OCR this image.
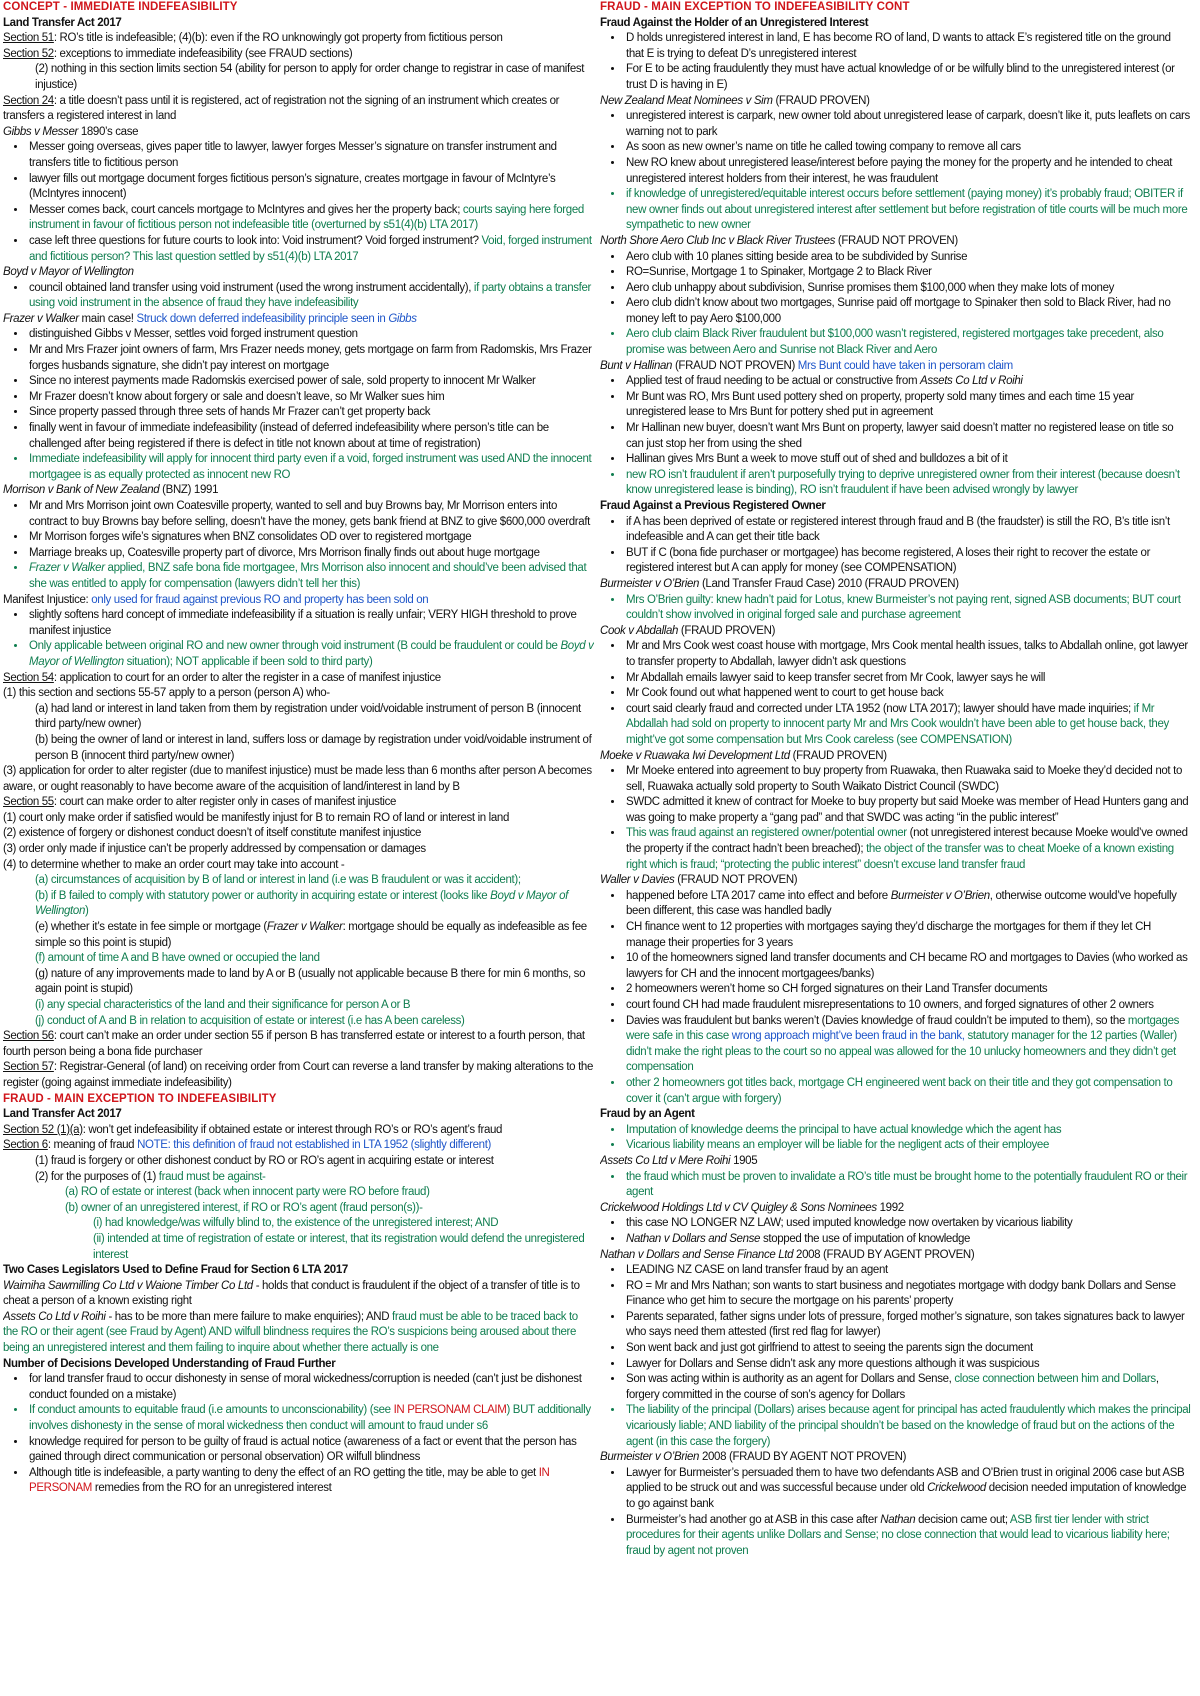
CONCEPT - IMMEDIATE INDEFEASIBILITY

Land Transfer Act 2017

Section 51: RO’s title is indefeasible; (4)(b): even if the RO unknowingly got property from fictitious person

Section 52: exceptions to immediate indefeasibility (see FRAUD sections)

(2) nothing in this section limits section 54 (ability for person to apply for order change to registrar in case of manifest injustice)

Section 24: a title doesn’t pass until it is registered, act of registration not the signing of an instrument which creates or transfers a registered interest in land

Gibbs v Messer 1890’s case

• Messer going overseas, gives paper title to lawyer, lawyer forges Messer’s signature on transfer instrument and transfers title to fictitious person
• lawyer fills out mortgage document forges fictitious person’s signature, creates mortgage in favour of McIntyre’s (McIntyres innocent)
• Messer comes back, court cancels mortgage to McIntyres and gives her the property back; courts saying here forged instrument in favour of fictitious person not indefeasible title (overturned by s51(4)(b) LTA 2017)
• case left three questions for future courts to look into: Void instrument? Void forged instrument? Void, forged instrument and fictitious person? This last question settled by s51(4)(b) LTA 2017

Boyd v Mayor of Wellington

• council obtained land transfer using void instrument (used the wrong instrument accidentally), if party obtains a transfer using void instrument in the absence of fraud they have indefeasibility

Frazer v Walker main case! Struck down deferred indefeasibility principle seen in Gibbs

• distinguished Gibbs v Messer, settles void forged instrument question
• Mr and Mrs Frazer joint owners of farm, Mrs Frazer needs money, gets mortgage on farm from Radomskis, Mrs Frazer forges husbands signature, she didn’t pay interest on mortgage
• Since no interest payments made Radomskis exercised power of sale, sold property to innocent Mr Walker
• Mr Frazer doesn’t know about forgery or sale and doesn’t leave, so Mr Walker sues him
• Since property passed through three sets of hands Mr Frazer can’t get property back
• finally went in favour of immediate indefeasibility (instead of deferred indefeasibility where person’s title can be challenged after being registered if there is defect in title not known about at time of registration)
• Immediate indefeasibility will apply for innocent third party even if a void, forged instrument was used AND the innocent mortgagee is as equally protected as innocent new RO

Morrison v Bank of New Zealand (BNZ) 1991

• Mr and Mrs Morrison joint own Coatesville property, wanted to sell and buy Browns bay, Mr Morrison enters into contract to buy Browns bay before selling, doesn’t have the money, gets bank friend at BNZ to give $600,000 overdraft
• Mr Morrison forges wife’s signatures when BNZ consolidates OD over to registered mortgage
• Marriage breaks up, Coatesville property part of divorce, Mrs Morrison finally finds out about huge mortgage
• Frazer v Walker applied, BNZ safe bona fide mortgagee, Mrs Morrison also innocent and should’ve been advised that she was entitled to apply for compensation (lawyers didn’t tell her this)

Manifest Injustice: only used for fraud against previous RO and property has been sold on

• slightly softens hard concept of immediate indefeasibility if a situation is really unfair; VERY HIGH threshold to prove manifest injustice
• Only applicable between original RO and new owner through void instrument (B could be fraudulent or could be Boyd v Mayor of Wellington situation); NOT applicable if been sold to third party)

Section 54: application to court for an order to alter the register in a case of manifest injustice

(1) this section and sections 55-57 apply to a person (person A) who-

(a) had land or interest in land taken from them by registration under void/voidable instrument of person B (innocent third party/new owner)

(b) being the owner of land or interest in land, suffers loss or damage by registration under void/voidable instrument of person B (innocent third party/new owner)

(3) application for order to alter register (due to manifest injustice) must be made less than 6 months after person A becomes aware, or ought reasonably to have become aware of the acquisition of land/interest in land by B

Section 55: court can make order to alter register only in cases of manifest injustice

(1) court only make order if satisfied would be manifestly injust for B to remain RO of land or interest in land

(2) existence of forgery or dishonest conduct doesn’t of itself constitute manifest injustice

(3) order only made if injustice can’t be properly addressed by compensation or damages

(4) to determine whether to make an order court may take into account -

(a) circumstances of acquisition by B of land or interest in land (i.e was B fraudulent or was it accident);

(b) if B failed to comply with statutory power or authority in acquiring estate or interest (looks like Boyd v Mayor of Wellington)

(e) whether it’s estate in fee simple or mortgage (Frazer v Walker: mortgage should be equally as indefeasible as fee simple so this point is stupid)

(f) amount of time A and B have owned or occupied the land

(g) nature of any improvements made to land by A or B (usually not applicable because B there for min 6 months, so again point is stupid)

(i) any special characteristics of the land and their significance for person A or B

(j) conduct of A and B in relation to acquisition of estate or interest (i.e has A been careless)

Section 56: court can’t make an order under section 55 if person B has transferred estate or interest to a fourth person, that fourth person being a bona fide purchaser

Section 57: Registrar-General (of land) on receiving order from Court can reverse a land transfer by making alterations to the register (going against immediate indefeasibility)

FRAUD - MAIN EXCEPTION TO INDEFEASIBILITY

Land Transfer Act 2017

Section 52 (1)(a): won’t get indefeasibility if obtained estate or interest through RO’s or RO’s agent’s fraud

Section 6: meaning of fraud NOTE: this definition of fraud not established in LTA 1952 (slightly different)

(1) fraud is forgery or other dishonest conduct by RO or RO’s agent in acquiring estate or interest

(2) for the purposes of (1) fraud must be against-

(a) RO of estate or interest (back when innocent party were RO before fraud)

(b) owner of an unregistered interest, if RO or RO’s agent (fraud person(s))-

(i) had knowledge/was wilfully blind to, the existence of the unregistered interest; AND

(ii) intended at time of registration of estate or interest, that its registration would defend the unregistered interest

Two Cases Legislators Used to Define Fraud for Section 6 LTA 2017

Waimiha Sawmilling Co Ltd v Waione Timber Co Ltd - holds that conduct is fraudulent if the object of a transfer of title is to cheat a person of a known existing right

Assets Co Ltd v Roihi - has to be more than mere failure to make enquiries); AND fraud must be able to be traced back to the RO or their agent (see Fraud by Agent) AND wilfull blindness requires the RO’s suspicions being aroused about there being an unregistered interest and them failing to inquire about whether there actually is one

Number of Decisions Developed Understanding of Fraud Further

• for land transfer fraud to occur dishonesty in sense of moral wickedness/corruption is needed (can’t just be dishonest conduct founded on a mistake)
• If conduct amounts to equitable fraud (i.e amounts to unconscionability) (see IN PERSONAM CLAIM) BUT additionally involves dishonesty in the sense of moral wickedness then conduct will amount to fraud under s6
• knowledge required for person to be guilty of fraud is actual notice (awareness of a fact or event that the person has gained through direct communication or personal observation) OR wilfull blindness
• Although title is indefeasible, a party wanting to deny the effect of an RO getting the title, may be able to get IN PERSONAM remedies from the RO for an unregistered interest

FRAUD - MAIN EXCEPTION TO INDEFEASIBILITY CONT

Fraud Against the Holder of an Unregistered Interest

• D holds unregistered interest in land, E has become RO of land, D wants to attack E’s registered title on the ground that E is trying to defeat D’s unregistered interest
• For E to be acting fraudulently they must have actual knowledge of or be wilfully blind to the unregistered interest (or trust D is having in E)

New Zealand Meat Nominees v Sim (FRAUD PROVEN)

• unregistered interest is carpark, new owner told about unregistered lease of carpark, doesn’t like it, puts leaflets on cars warning not to park
• As soon as new owner’s name on title he called towing company to remove all cars
• New RO knew about unregistered lease/interest before paying the money for the property and he intended to cheat unregistered interest holders from their interest, he was fraudulent
• if knowledge of unregistered/equitable interest occurs before settlement (paying money) it’s probably fraud; OBITER if new owner finds out about unregistered interest after settlement but before registration of title courts will be much more sympathetic to new owner

North Shore Aero Club Inc v Black River Trustees (FRAUD NOT PROVEN)

• Aero club with 10 planes sitting beside area to be subdivided by Sunrise
• RO=Sunrise, Mortgage 1 to Spinaker, Mortgage 2 to Black River
• Aero club unhappy about subdivision, Sunrise promises them $100,000 when they make lots of money
• Aero club didn’t know about two mortgages, Sunrise paid off mortgage to Spinaker then sold to Black River, had no money left to pay Aero $100,000
• Aero club claim Black River fraudulent but $100,000 wasn’t registered, registered mortgages take precedent, also promise was between Aero and Sunrise not Black River and Aero

Bunt v Hallinan (FRAUD NOT PROVEN) Mrs Bunt could have taken in persoram claim

• Applied test of fraud needing to be actual or constructive from Assets Co Ltd v Roihi
• Mr Bunt was RO, Mrs Bunt used pottery shed on property, property sold many times and each time 15 year unregistered lease to Mrs Bunt for pottery shed put in agreement
• Mr Hallinan new buyer, doesn’t want Mrs Bunt on property, lawyer said doesn’t matter no registered lease on title so can just stop her from using the shed
• Hallinan gives Mrs Bunt a week to move stuff out of shed and bulldozes a bit of it
• new RO isn’t fraudulent if aren’t purposefully trying to deprive unregistered owner from their interest (because doesn’t know unregistered lease is binding), RO isn’t fraudulent if have been advised wrongly by lawyer

Fraud Against a Previous Registered Owner

• if A has been deprived of estate or registered interest through fraud and B (the fraudster) is still the RO, B’s title isn’t indefeasible and A can get their title back
• BUT if C (bona fide purchaser or mortgagee) has become registered, A loses their right to recover the estate or registered interest but A can apply for money (see COMPENSATION)

Burmeister v O’Brien (Land Transfer Fraud Case) 2010 (FRAUD PROVEN)

• Mrs O’Brien guilty: knew hadn’t paid for Lotus, knew Burmeister’s not paying rent, signed ASB documents; BUT court couldn’t show involved in original forged sale and purchase agreement

Cook v Abdallah (FRAUD PROVEN)

• Mr and Mrs Cook west coast house with mortgage, Mrs Cook mental health issues, talks to Abdallah online, got lawyer to transfer property to Abdallah, lawyer didn’t ask questions
• Mr Abdallah emails lawyer said to keep transfer secret from Mr Cook, lawyer says he will
• Mr Cook found out what happened went to court to get house back
• court said clearly fraud and corrected under LTA 1952 (now LTA 2017); lawyer should have made inquiries; if Mr Abdallah had sold on property to innocent party Mr and Mrs Cook wouldn’t have been able to get house back, they might’ve got some compensation but Mrs Cook careless (see COMPENSATION)

Moeke v Ruawaka Iwi Development Ltd (FRAUD PROVEN)

• Mr Moeke entered into agreement to buy property from Ruawaka, then Ruawaka said to Moeke they’d decided not to sell, Ruawaka actually sold property to South Waikato District Council (SWDC)
• SWDC admitted it knew of contract for Moeke to buy property but said Moeke was member of Head Hunters gang and was going to make property a “gang pad” and that SWDC was acting “in the public interest”
• This was fraud against an registered owner/potential owner (not unregistered interest because Moeke would’ve owned the property if the contract hadn’t been breached); the object of the transfer was to cheat Moeke of a known existing right which is fraud; “protecting the public interest” doesn’t excuse land transfer fraud

Waller v Davies (FRAUD NOT PROVEN)

• happened before LTA 2017 came into effect and before Burmeister v O’Brien, otherwise outcome would’ve hopefully been different, this case was handled badly
• CH finance went to 12 properties with mortgages saying they’d discharge the mortgages for them if they let CH manage their properties for 3 years
• 10 of the homeowners signed land transfer documents and CH became RO and mortgages to Davies (who worked as lawyers for CH and the innocent mortgagees/banks)
• 2 homeowners weren’t home so CH forged signatures on their Land Transfer documents
• court found CH had made fraudulent misrepresentations to 10 owners, and forged signatures of other 2 owners
• Davies was fraudulent but banks weren’t (Davies knowledge of fraud couldn’t be imputed to them), so the mortgages were safe in this case wrong approach might’ve been fraud in the bank, statutory manager for the 12 parties (Waller) didn’t make the right pleas to the court so no appeal was allowed for the 10 unlucky homeowners and they didn’t get compensation
• other 2 homeowners got titles back, mortgage CH engineered went back on their title and they got compensation to cover it (can’t argue with forgery)

Fraud by an Agent

• Imputation of knowledge deems the principal to have actual knowledge which the agent has
• Vicarious liability means an employer will be liable for the negligent acts of their employee

Assets Co Ltd v Mere Roihi 1905

• the fraud which must be proven to invalidate a RO’s title must be brought home to the potentially fraudulent RO or their agent

Crickelwood Holdings Ltd v CV Quigley & Sons Nominees 1992

• this case NO LONGER NZ LAW; used imputed knowledge now overtaken by vicarious liability
• Nathan v Dollars and Sense stopped the use of imputation of knowledge

Nathan v Dollars and Sense Finance Ltd 2008 (FRAUD BY AGENT PROVEN)

• LEADING NZ CASE on land transfer fraud by an agent
• RO = Mr and Mrs Nathan; son wants to start business and negotiates mortgage with dodgy bank Dollars and Sense Finance who get him to secure the mortgage on his parents’ property
• Parents separated, father signs under lots of pressure, forged mother’s signature, son takes signatures back to lawyer who says need them attested (first red flag for lawyer)
• Son went back and just got girlfriend to attest to seeing the parents sign the document
• Lawyer for Dollars and Sense didn’t ask any more questions although it was suspicious
• Son was acting within is authority as an agent for Dollars and Sense, close connection between him and Dollars, forgery committed in the course of son’s agency for Dollars
• The liability of the principal (Dollars) arises because agent for principal has acted fraudulently which makes the principal vicariously liable; AND liability of the principal shouldn’t be based on the knowledge of fraud but on the actions of the agent (in this case the forgery)

Burmeister v O’Brien 2008 (FRAUD BY AGENT NOT PROVEN)

• Lawyer for Burmeister’s persuaded them to have two defendants ASB and O’Brien trust in original 2006 case but ASB applied to be struck out and was successful because under old Crickelwood decision needed imputation of knowledge to go against bank
• Burmeister’s had another go at ASB in this case after Nathan decision came out; ASB first tier lender with strict procedures for their agents unlike Dollars and Sense; no close connection that would lead to vicarious liability here; fraud by agent not proven
